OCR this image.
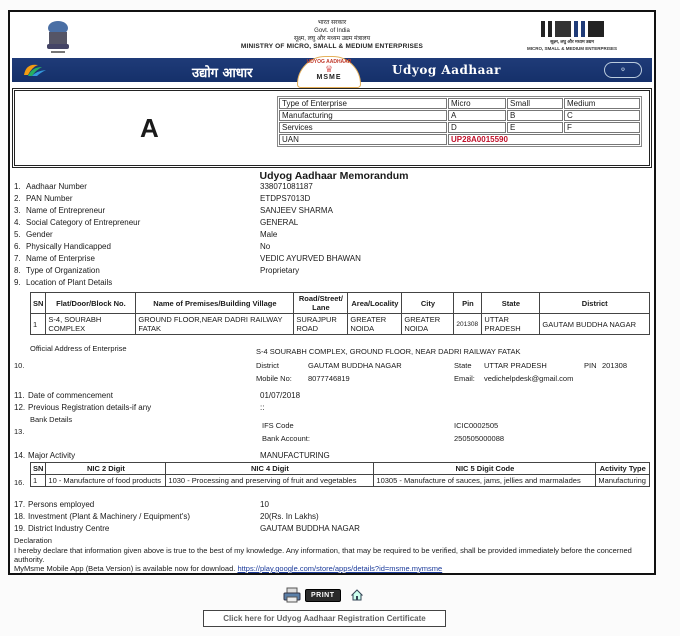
भारत सरकार
Govt. of India
सूक्ष्म, लघु और मध्यम उद्यम मंत्रालय
MINISTRY OF MICRO, SMALL & MEDIUM ENTERPRISES
सूक्ष्म, लघु और मध्यम उद्यम
MICRO, SMALL & MEDIUM ENTERPRISES
उद्योग आधार
UDYOG AADHAAR
♛
MSME
Udyog Aadhaar	⚙
A
Type of Enterprise	Micro	Small	Medium
Manufacturing	A	B	C
Services	D	E	F
UAN	UP28A0015590		
Udyog Aadhaar Memorandum
1. Aadhaar Number	338071081187
2. PAN Number	ETDPS7013D
3. Name of Entrepreneur	SANJEEV SHARMA
4. Social Category of Entrepreneur	GENERAL
5. Gender	Male
6. Physically Handicapped	No
7. Name of Enterprise	VEDIC AYURVED BHAWAN
8. Type of Organization	Proprietary
9. Location of Plant Details
SN	Flat/Door/Block No.	Name of Premises/Building Village	Road/Street/ Lane	Area/Locality	City	Pin	State	District
1	S-4, SOURABH COMPLEX	GROUND FLOOR,NEAR DADRI RAILWAY FATAK	SURAJPUR ROAD	GREATER NOIDA	GREATER NOIDA	201308	UTTAR PRADESH	GAUTAM BUDDHA NAGAR
Official Address of Enterprise	S-4 SOURABH COMPLEX, GROUND FLOOR, NEAR DADRI RAILWAY FATAK
10.	District	GAUTAM BUDDHA NAGAR	State UTTAR PRADESH	PIN 201308
Mobile No: 8077746819	Email: vedichelpdesk@gmail.com
11. Date of commencement	01/07/2018
12. Previous Registration details-if any	::
Bank Details
13.
IFS Code	ICIC0002505
Bank Account:	250505000088
14. Major Activity	MANUFACTURING
16.
SN	NIC 2 Digit	NIC 4 Digit	NIC 5 Digit Code	Activity Type
1	10 - Manufacture of food products	1030 - Processing and preserving of fruit and vegetables	10305 - Manufacture of sauces, jams, jellies and marmalades	Manufacturing
17. Persons employed	10
18. Investment (Plant & Machinery / Equipment's)	20(Rs. In Lakhs)
19. District Industry Centre	GAUTAM BUDDHA NAGAR
Declaration
I hereby declare that information given above is true to the best of my knowledge. Any information, that may be required to be verified, shall be provided immediately before the concerned authority.
MyMsme Mobile App (Beta Version) is available now for download. https://play.google.com/store/apps/details?id=msme.mymsme
PRINT
Click here for Udyog Aadhaar Registration Certificate
